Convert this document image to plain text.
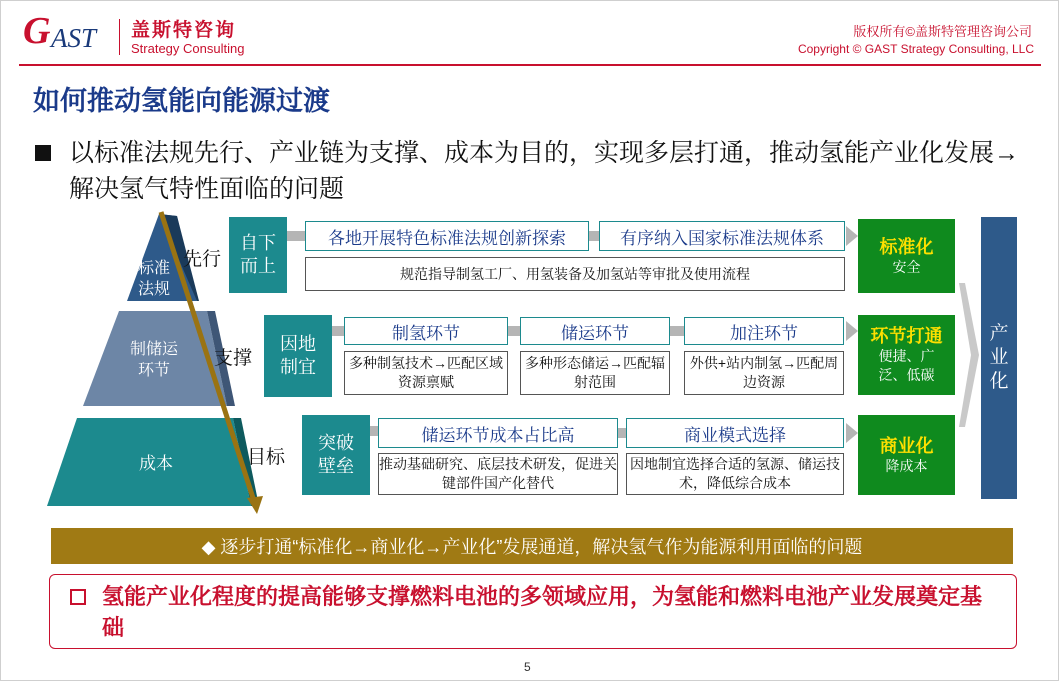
G AST 盖斯特咨询
Strategy Consulting
版权所有©盖斯特管理咨询公司
Copyright © GAST Strategy Consulting, LLC
如何推动氢能向能源过渡
以标准法规先行、产业链为支撑、成本为目的，实现多层打通，推动氢能产业化发展→解决氢气特性面临的问题
标准
法规
制储运
环节
成本
先行
支撑
目标
自下
而上
各地开展特色标准法规创新探索	有序纳入国家标准法规体系
规范指导制氢工厂、用氢装备及加氢站等审批及使用流程
标准化
安全
因地
制宜
制氢环节	储运环节	加注环节
多种制氢技术→匹配区域资源禀赋
多种形态储运→匹配辐射范围
外供+站内制氢→匹配周边资源
环节打通
便捷、广泛、低碳
突破
壁垒
储运环节成本占比高	商业模式选择
推动基础研究、底层技术研发，促进关键部件国产化替代
因地制宜选择合适的氢源、储运技术，降低综合成本
商业化
降成本
产业化
◆ 逐步打通“标准化→商业化→产业化”发展通道，解决氢气作为能源利用面临的问题
氢能产业化程度的提高能够支撑燃料电池的多领域应用，为氢能和燃料电池产业发展奠定基础
5
